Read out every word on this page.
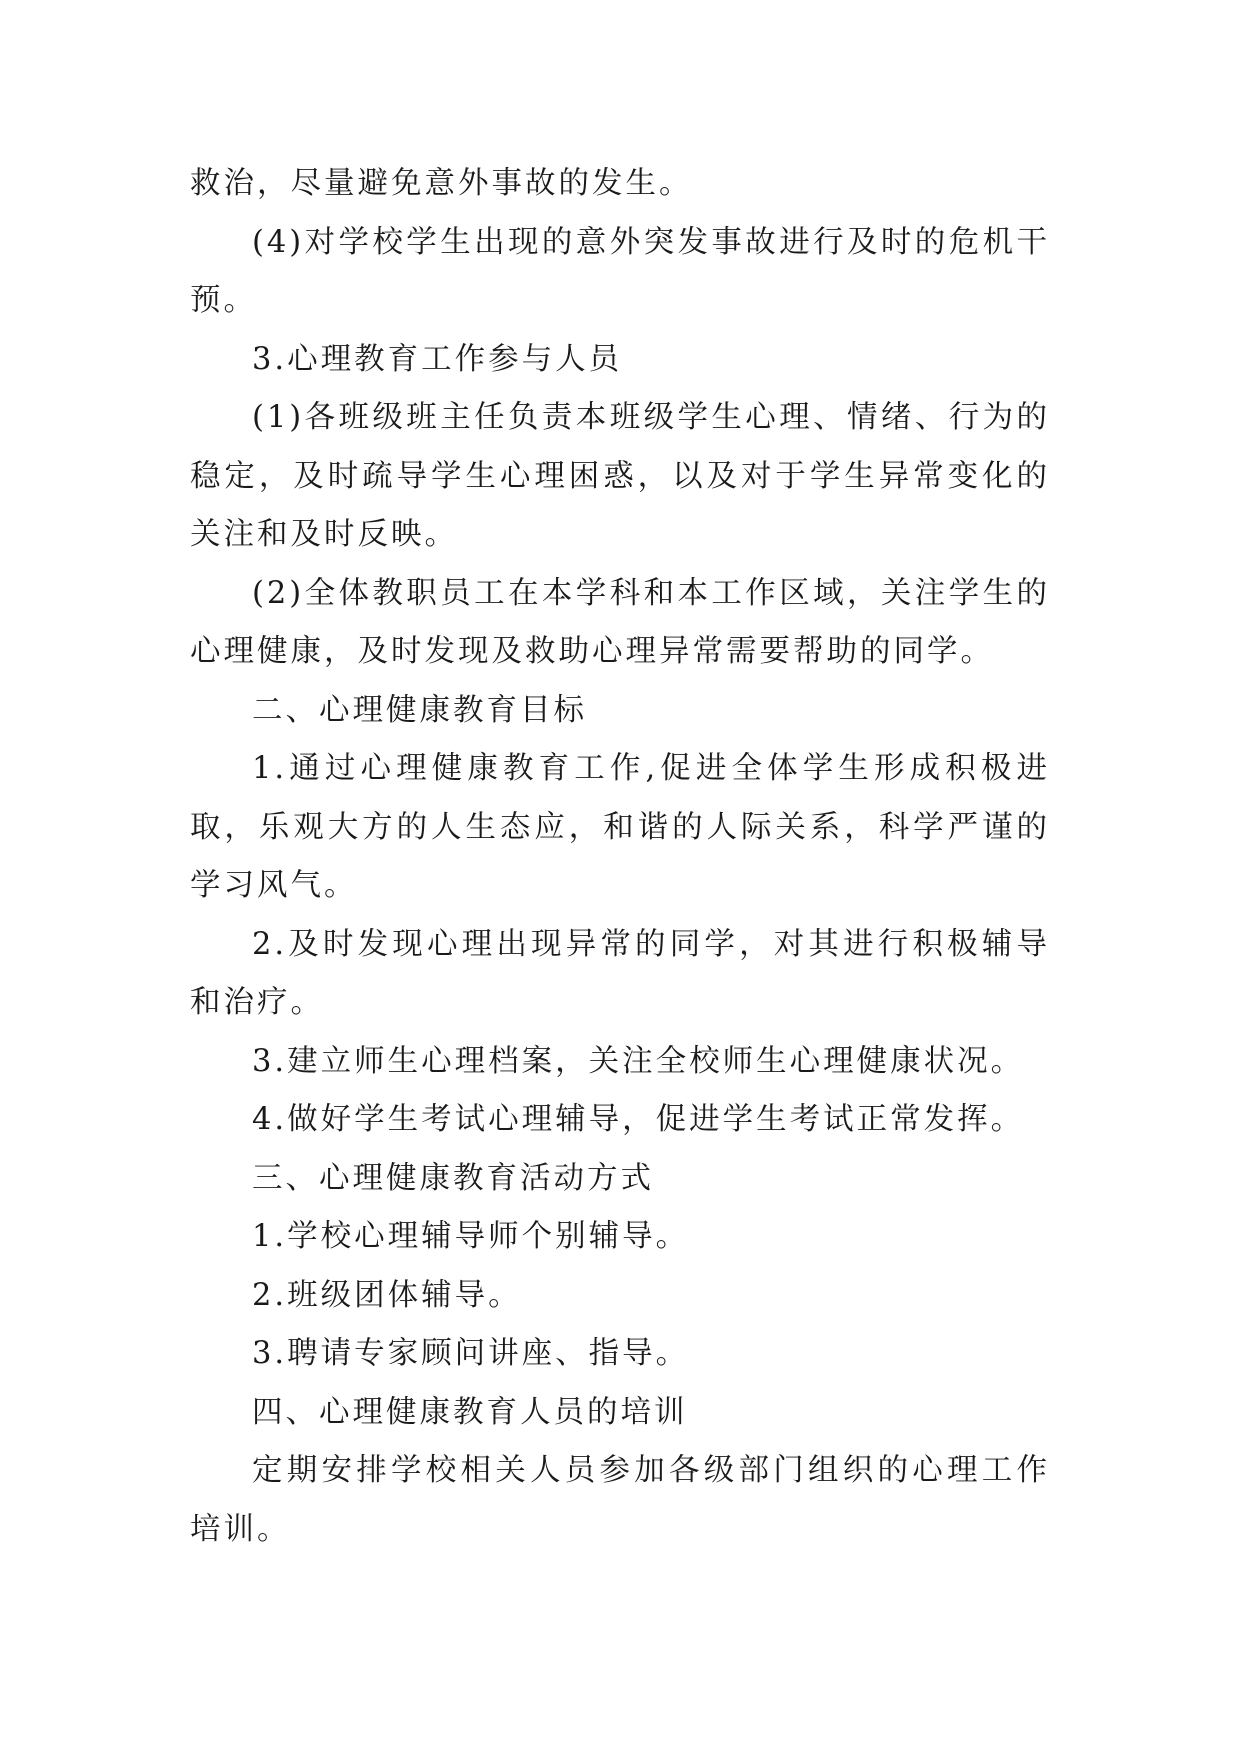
救治，尽量避免意外事故的发生。

(4)对学校学生出现的意外突发事故进行及时的危机干预。

3.心理教育工作参与人员

(1)各班级班主任负责本班级学生心理、情绪、行为的稳定，及时疏导学生心理困惑，以及对于学生异常变化的关注和及时反映。

(2)全体教职员工在本学科和本工作区域，关注学生的心理健康，及时发现及救助心理异常需要帮助的同学。

二、心理健康教育目标

1.通过心理健康教育工作,促进全体学生形成积极进取，乐观大方的人生态应，和谐的人际关系，科学严谨的学习风气。

2.及时发现心理出现异常的同学，对其进行积极辅导和治疗。

3.建立师生心理档案，关注全校师生心理健康状况。

4.做好学生考试心理辅导，促进学生考试正常发挥。

三、心理健康教育活动方式

1.学校心理辅导师个别辅导。

2.班级团体辅导。

3.聘请专家顾问讲座、指导。

四、心理健康教育人员的培训

定期安排学校相关人员参加各级部门组织的心理工作培训。
